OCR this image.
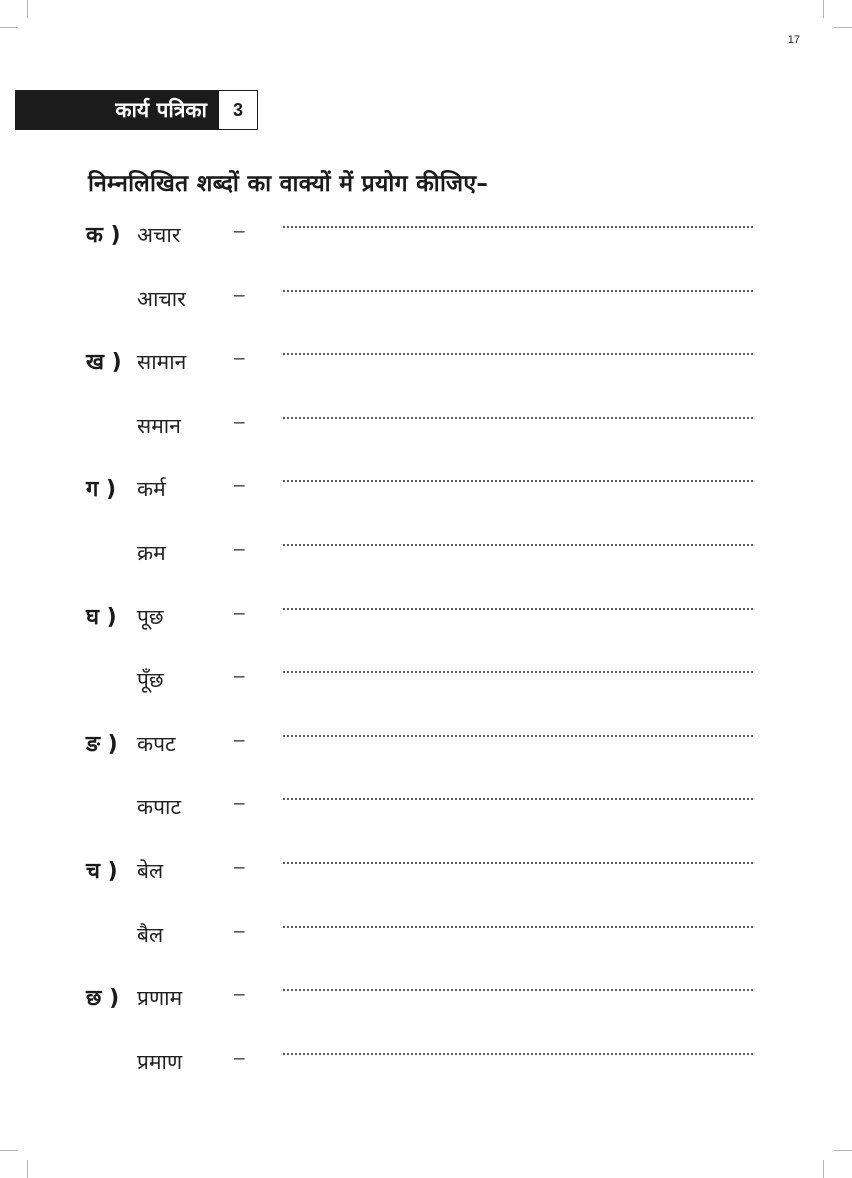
17
कार्य पत्रिका	3
निम्नलिखित शब्दों का वाक्यों में प्रयोग कीजिए–
क ) अचार	–
आचार	–
ख ) सामान	–
समान	–
ग ) कर्म	–
क्रम	–
घ ) पूछ	–
पूँछ	–
ङ ) कपट	–
कपाट	–
च ) बेल	–
बैल	–
छ ) प्रणाम	–
प्रमाण	–
